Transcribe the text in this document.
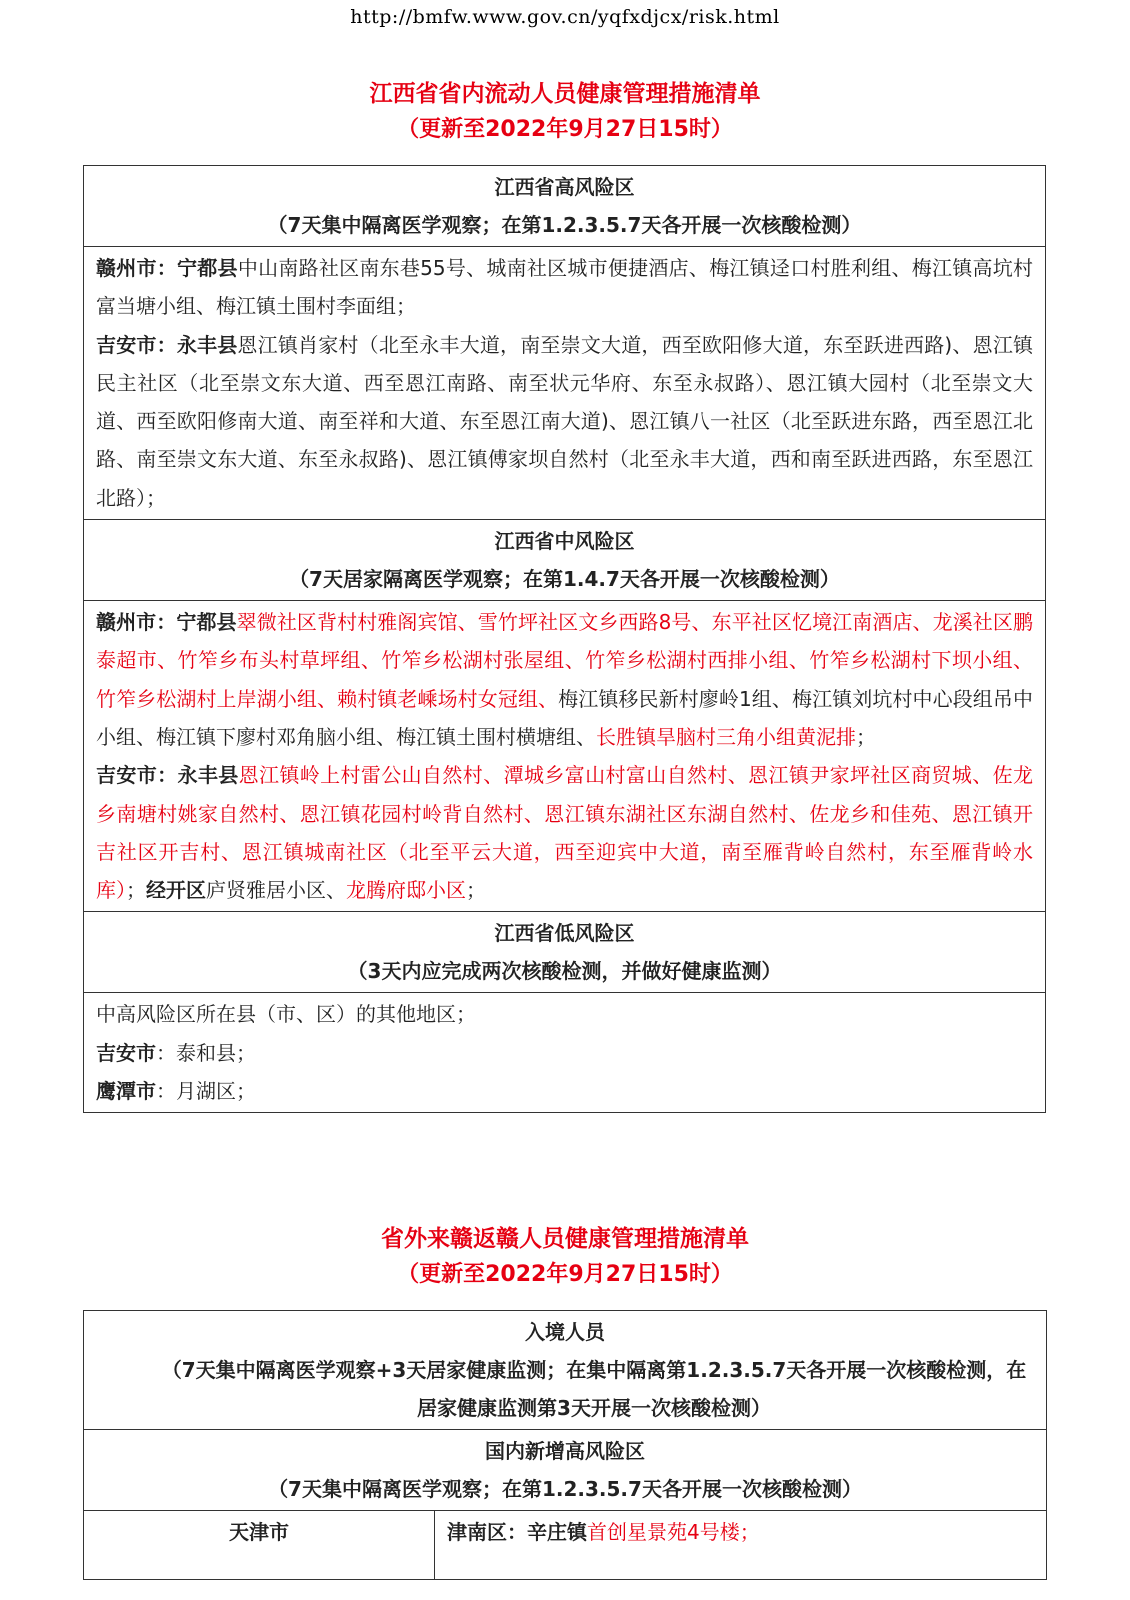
http://bmfw.www.gov.cn/yqfxdjcx/risk.html
江西省省内流动人员健康管理措施清单
（更新至2022年9月27日15时）
江西省高风险区
（7天集中隔离医学观察；在第1.2.3.5.7天各开展一次核酸检测）

赣州市：宁都县中山南路社区南东巷55号、城南社区城市便捷酒店、梅江镇迳口村胜利组、梅江镇高坑村富当塘小组、梅江镇土围村李面组；

吉安市：永丰县恩江镇肖家村（北至永丰大道，南至崇文大道，西至欧阳修大道，东至跃进西路)、恩江镇民主社区（北至崇文东大道、西至恩江南路、南至状元华府、东至永叔路）、恩江镇大园村（北至崇文大道、西至欧阳修南大道、南至祥和大道、东至恩江南大道)、恩江镇八一社区（北至跃进东路，西至恩江北路、南至崇文东大道、东至永叔路)、恩江镇傅家坝自然村（北至永丰大道，西和南至跃进西路，东至恩江北路）；

江西省中风险区
（7天居家隔离医学观察；在第1.4.7天各开展一次核酸检测）

赣州市：宁都县翠微社区背村村雅阁宾馆、雪竹坪社区文乡西路8号、东平社区忆境江南酒店、龙溪社区鹏泰超市、竹笮乡布头村草坪组、竹笮乡松湖村张屋组、竹笮乡松湖村西排小组、竹笮乡松湖村下坝小组、竹笮乡松湖村上岸湖小组、赖村镇老嵊场村女冠组、梅江镇移民新村廖岭1组、梅江镇刘坑村中心段组吊中小组、梅江镇下廖村邓角脑小组、梅江镇土围村横塘组、长胜镇旱脑村三角小组黄泥排；

吉安市：永丰县恩江镇岭上村雷公山自然村、潭城乡富山村富山自然村、恩江镇尹家坪社区商贸城、佐龙乡南塘村姚家自然村、恩江镇花园村岭背自然村、恩江镇东湖社区东湖自然村、佐龙乡和佳苑、恩江镇开吉社区开吉村、恩江镇城南社区（北至平云大道，西至迎宾中大道，南至雁背岭自然村，东至雁背岭水库）；经开区庐贤雅居小区、龙腾府邸小区；

江西省低风险区
（3天内应完成两次核酸检测，并做好健康监测）

中高风险区所在县（市、区）的其他地区；

吉安市：泰和县；

鹰潭市：月湖区；

省外来赣返赣人员健康管理措施清单
（更新至2022年9月27日15时）
入境人员
（7天集中隔离医学观察+3天居家健康监测；在集中隔离第1.2.3.5.7天各开展一次核酸检测，在居家健康监测第3天开展一次核酸检测）

国内新增高风险区
（7天集中隔离医学观察；在第1.2.3.5.7天各开展一次核酸检测）

天津市	津南区：辛庄镇首创星景苑4号楼；
